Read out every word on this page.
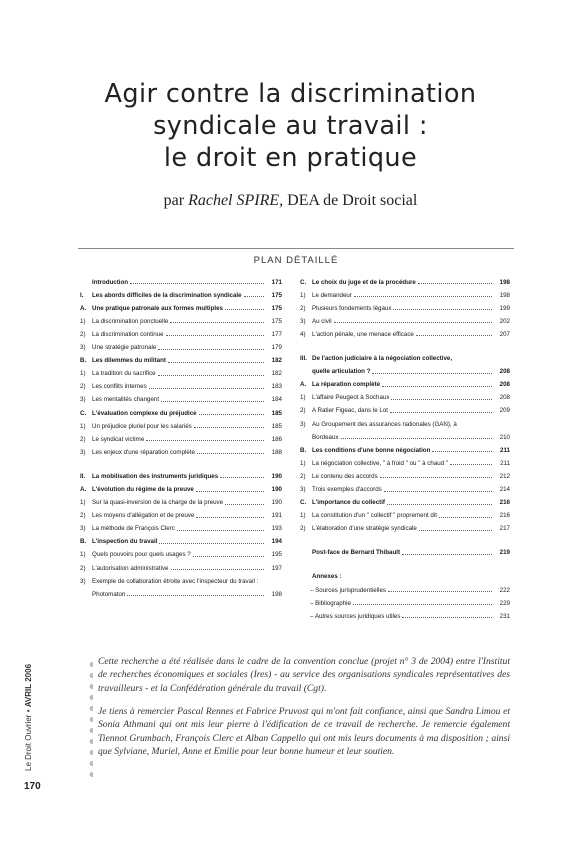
Agir contre la discrimination
syndicale au travail :
le droit en pratique
par Rachel SPIRE, DEA de Droit social
PLAN DÉTAILLÉ
Introduction	171
I.	Les abords difficiles de la discrimination syndicale	175
A. Une pratique patronale aux formes multiples	175
1)	La discrimination ponctuelle	175
2)	La discrimination continue	177
3)	Une stratégie patronale	179
B. Les dilemmes du militant	182
1)	La tradition du sacrifice	182
2)	Les conflits internes	183
3)	Les mentalités changent	184
C. L'évaluation complexe du préjudice	185
1)	Un préjudice pluriel pour les salariés	185
2)	Le syndicat victime	186
3)	Les enjeux d'une réparation complète	188
II.	La mobilisation des instruments juridiques	190
A. L'évolution du régime de la preuve	190
1)	Sur la quasi-inversion de la charge de la preuve	190
2)	Les moyens d'allégation et de preuve	191
3)	La méthode de François Clerc	193
B. L'inspection du travail	194
1)	Quels pouvoirs pour quels usages ?	195
2)	L'autorisation administrative	197
3)	Exemple de collaboration étroite avec l'inspecteur du travail :
Photomaton	198
C. Le choix du juge et de la procédure	198
1)	Le demandeur	198
2)	Plusieurs fondements légaux	199
3)	Au civil	202
4)	L'action pénale, une menace efficace	207
III. De l'action judiciaire à la négociation collective,
quelle articulation ?	208
A. La réparation complète	208
1)	L'affaire Peugeot à Sochaux	208
2)	A Ratier Figeac, dans le Lot	209
3)	Au Groupement des assurances nationales (GAN), à
Bordeaux	210
B. Les conditions d'une bonne négociation	211
1)	La négociation collective, " à froid " ou " à chaud "	211
2)	Le contenu des accords	212
3)	Trois exemples d'accords	214
C. L'importance du collectif	216
1)	La constitution d'un " collectif " proprement dit	216
2)	L'élaboration d'une stratégie syndicale	217
Post-face de Bernard Thibault	219
Annexes :
– Sources jurisprudentielles	222
– Bibliographie	229
– Autres sources juridiques utiles	231
Cette recherche a été réalisée dans le cadre de la convention conclue (projet n° 3 de 2004) entre l'Institut de recherches économiques et sociales (Ires) - au service des organisations syndicales représentatives des travailleurs - et la Confédération générale du travail (Cgt).
Je tiens à remercier Pascal Rennes et Fabrice Pruvost qui m'ont fait confiance, ainsi que Sandra Limou et Sonia Athmani qui ont mis leur pierre à l'édification de ce travail de recherche. Je remercie également Tiennot Grumbach, François Clerc et Alban Cappello qui ont mis leurs documents à ma disposition ; ainsi que Sylviane, Muriel, Anne et Emilie pour leur bonne humeur et leur soutien.
Le Droit Ouvrier • AVRIL 2006
170
